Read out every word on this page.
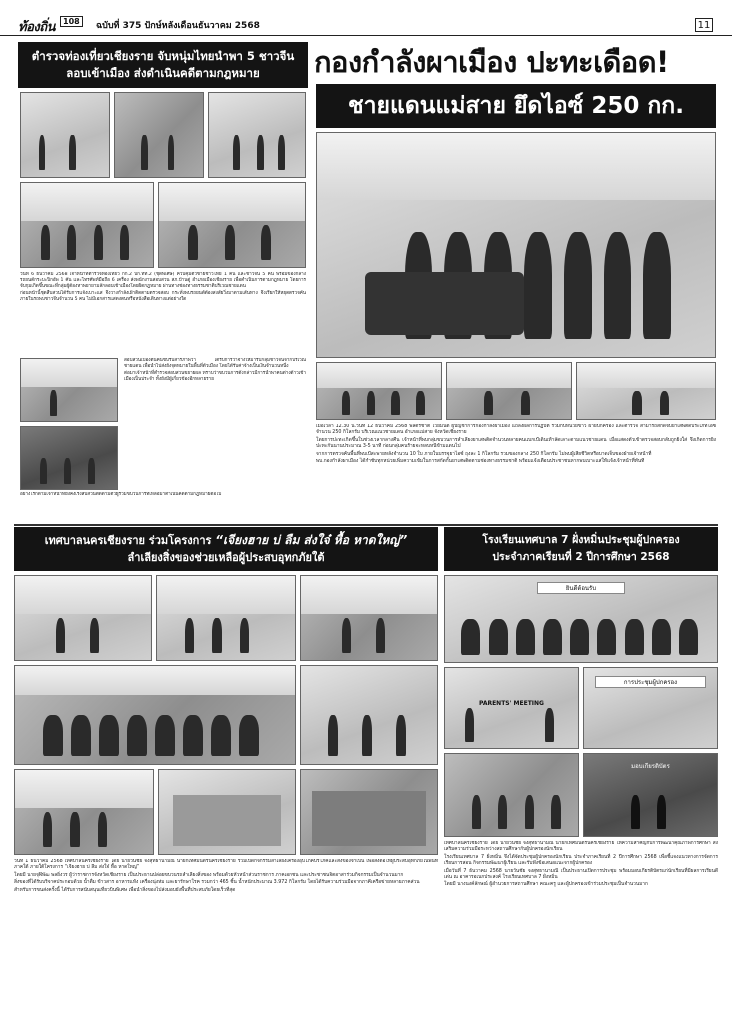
ท้องถิ่น	108	ฉบับที่ 375 ปักษ์หลังเดือนธันวาคม 2568	11
ตำรวจท่องเที่ยวเชียงราย จับหนุ่มไทยนำพา 5 ชาวจีน
ลอบเข้าเมือง ส่งดำเนินคดีตามกฎหมาย

วันที่ 6 ธันวาคม 2568 เจ้าหน้าที่ตำรวจท่องเที่ยว กก.2 บก.ทท.2 (ชุดพิเศษ) ควบคุมตัวชายชาวไทย 1 คน และชาวจีน 5 คน พร้อมของกลางรถยนต์กระบะปิกอัพ 1 คัน และโทรศัพท์มือถือ 6 เครื่อง ส่งพนักงานสอบสวน สภ.บ้านดู่ อำเภอเมืองเชียงราย เพื่อดำเนินการตามกฎหมาย โดยการจับกุมเกิดขึ้นขณะที่กลุ่มผู้ต้องหาพยายามลักลอบเข้าเมืองโดยผิดกฎหมาย ผ่านทางช่องทางธรรมชาติบริเวณชายแดน

ก่อนหน้านี้ชุดสืบสวนได้รับการแจ้งเบาะแส จึงวางกำลังเฝ้าติดตามตรวจสอบ กระทั่งพบรถยนต์ต้องสงสัยวิ่งมาตามเส้นทาง จึงเรียกให้หยุดตรวจค้น ภายในรถพบชาวจีนจำนวน 5 คน ไม่มีเอกสารแสดงตนหรือหนังสือเดินทางแต่อย่างใด

สอบสวนเบื้องต้นคนขับรับสารภาพว่า ได้รับการว่าจ้างให้มารับกลุ่มชาวจีนจากบริเวณชายแดน เพื่อนำไปส่งยังจุดหมายในพื้นที่ตัวเมือง โดยได้รับค่าจ้างเป็นเงินจำนวนหนึ่ง

ต่อมาเจ้าหน้าที่ตำรวจสอบสวนขยายผล ทราบว่าขบวนการดังกล่าวมีการนำพาคนต่างด้าวเข้าเมืองเป็นประจำ ทั้งยังมีผู้เกี่ยวข้องอีกหลายราย

อย่างไรก็ตามเจ้าหน้าที่ยังคงเร่งสืบสวนติดตามตัวผู้ร่วมขบวนการที่เหลือมาดำเนินคดีตามกฎหมายต่อไป

กองกำลังผาเมือง ปะทะเดือด!
ชายแดนแม่สาย ยึดไอซ์ 250 กก.

เมื่อเวลา 12.30 น.วันที่ 12 ธันวาคม 2568 พลตรีชาติ ไวยมนต์ ผู้บัญชาการกองกำลังผาเมือง แถลงผลการปฏิบัติ ร่วมกับหน่วยข่าว ฝ่ายปกครอง และตำรวจ สามารถสกัดจับยาเสพติดประเภทไอซ์ จำนวน 250 กิโลกรัม บริเวณแนวชายแดน อำเภอแม่สาย จังหวัดเชียงราย

โดยการปะทะเกิดขึ้นในช่วงเวลากลางคืน เจ้าหน้าที่พบกลุ่มขบวนการลำเลียงยาเสพติดจำนวนหลายคนแบกเป้เดินเท้าลัดเลาะตามแนวชายแดน เมื่อแสดงตัวเข้าตรวจสอบกลับถูกยิงใส่ จึงเกิดการยิงปะทะกันนานประมาณ 3-5 นาที ก่อนกลุ่มคนร้ายจะหลบหนีข้ามแดนไป

จากการตรวจค้นพื้นที่พบเป้สะพายหลังจำนวน 10 ใบ ภายในบรรจุยาไอซ์ ถุงละ 1 กิโลกรัม รวมของกลาง 250 กิโลกรัม ไม่พบผู้เสียชีวิตหรือบาดเจ็บของฝ่ายเจ้าหน้าที่

พบ.กองกำลังผาเมือง ได้กำชับทุกหน่วยเพิ่มความเข้มในการสกัดกั้นยาเสพติดตามช่องทางธรรมชาติ พร้อมแจ้งเตือนประชาชนหากพบเบาะแสให้แจ้งเจ้าหน้าที่ทันที

เทศบาลนครเชียงราย ร่วมโครงการ “เจียงฮาย บ่ ลืม ส่งใจ๋ หื้อ หาดใหญ่”
ลำเลียงสิ่งของช่วยเหลือผู้ประสบอุทกภัยใต้

วันที่ 1 ธันวาคม 2568 เทศบาลนครเชียงราย โดย นายวันชัย จงสุทธานามณี นายกเทศมนตรีนครเชียงราย ร่วมเปิดกิจกรรมลำเลียงเครื่องอุปโภคบริโภคและสิ่งของจำเป็น เพื่อส่งต่อให้ผู้ประสบอุทกภัยในพื้นที่ภาคใต้ ภายใต้โครงการ “เจียงฮาย บ่ ลืม ส่งใจ๋ หื้อ หาดใหญ่”

โดยมี นายจุฬิพัฒ พลยิ่งวร ผู้ว่าราชการจังหวัดเชียงราย เป็นประธานปล่อยขบวนรถลำเลียงสิ่งของ พร้อมด้วยหัวหน้าส่วนราชการ ภาคเอกชน และประชาชนจิตอาสาร่วมกิจกรรมเป็นจำนวนมาก

สิ่งของที่ได้รับบริจาคประกอบด้วย น้ำดื่ม ข้าวสาร อาหารแห้ง เครื่องนุ่งห่ม และยารักษาโรค รวมกว่า 465 ชิ้น น้ำหนักประมาณ 3.972 กิโลกรัม โดยได้รับความร่วมมือจากภาคีเครือข่ายหลายภาคส่วน

สำหรับการขนส่งครั้งนี้ ได้รับการสนับสนุนเที่ยวบินพิเศษ เพื่อนำสิ่งของไปส่งมอบยังพื้นที่ประสบภัยโดยเร็วที่สุด

โรงเรียนเทศบาล 7 ฝั่งหมิ่นประชุมผู้ปกครอง
ประจำภาคเรียนที่ 2 ปีการศึกษา 2568
ยินดีต้อนรับ
PARENTS' MEETING
การประชุมผู้ปกครอง
มอบเกียรติบัตร

เทศบาลนครเชียงราย โดย นายวันชัย จงสุทธานามณี นายกเทศมนตรีนครเชียงราย ให้ความสำคัญกับการพัฒนาคุณภาพการศึกษา ส่งเสริมความร่วมมือระหว่างสถานศึกษากับผู้ปกครองนักเรียน

โรงเรียนเทศบาล 7 ฝั่งหมิ่น จึงได้จัดประชุมผู้ปกครองนักเรียน ประจำภาคเรียนที่ 2 ปีการศึกษา 2568 เพื่อชี้แจงแนวทางการจัดการเรียนการสอน กิจกรรมพัฒนาผู้เรียน และรับฟังข้อเสนอแนะจากผู้ปกครอง

เมื่อวันที่ 7 ธันวาคม 2568 นายวันชัย จงสุทธานามณี เป็นประธานเปิดการประชุม พร้อมมอบเกียรติบัตรแก่นักเรียนที่มีผลการเรียนดีเด่น ณ อาคารอเนกประสงค์ โรงเรียนเทศบาล 7 ฝั่งหมิ่น

โดยมี นางนงค์ลักษณ์ ผู้อำนวยการสถานศึกษา คณะครู และผู้ปกครองเข้าร่วมประชุมเป็นจำนวนมาก
